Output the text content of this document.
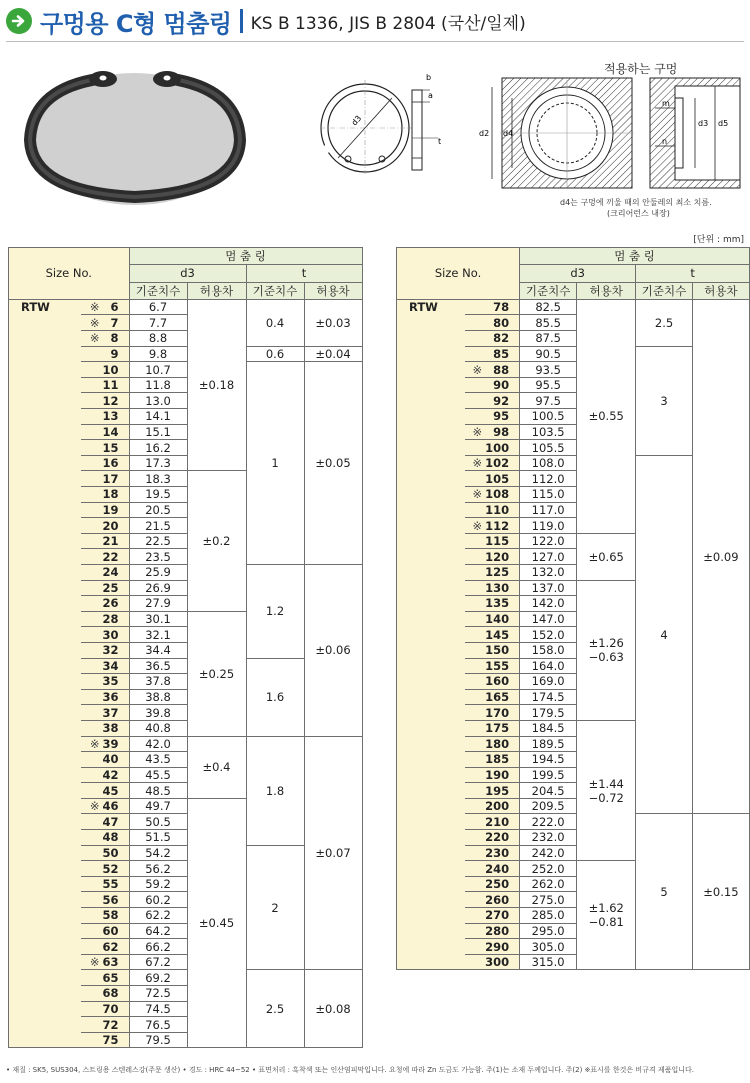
구멍용 C형 멈춤링 KS B 1336, JIS B 2804 (국산/일제)
d3
b
a
t
d2 d4
d3 d5
m
n
적용하는 구멍
d4는 구멍에 끼울 때의 안둘레의 최소 치름.
(크리어런스 내장)
[단위 : mm]
Size No.			멈 춤 링			
			d3		t	
			기준치수	허용차	기준치수	허용차
RTW	※	6	6.7	±0.18	0.4	±0.03

	※	7	7.7			
	※	8	8.8			
		9	9.8		0.6	±0.04

		10	10.7		1	±0.05

		11	11.8			
		12	13.0			
		13	14.1			
		14	15.1			
		15	16.2			
		16	17.3			
		17	18.3	±0.2		

		18	19.5			
		19	20.5			
		20	21.5			
		21	22.5			
		22	23.5			
		24	25.9		1.2	±0.06

		25	26.9			
		26	27.9			
		28	30.1	±0.25		

		30	32.1			
		32	34.4			
		34	36.5		1.6	

		35	37.8			
		36	38.8			
		37	39.8			
		38	40.8			
	※	39	42.0	±0.4	1.8	±0.07

		40	43.5			
		42	45.5			
		45	48.5			
	※	46	49.7	±0.45		

		47	50.5			
		48	51.5			
		50	54.2		2	

		52	56.2			
		55	59.2			
		56	60.2			
		58	62.2			
		60	64.2			
		62	66.2			
	※	63	67.2			
		65	69.2		2.5	±0.08

		68	72.5			
		70	74.5			
		72	76.5			
		75	79.5			
Size No.			멈 춤 링			
			d3		t	
			기준치수	허용차	기준치수	허용차
RTW		78	82.5	±0.55	2.5	±0.09

		80	85.5			
		82	87.5			
		85	90.5		3	

	※	88	93.5			
		90	95.5			
		92	97.5			
		95	100.5			
	※	98	103.5			
		100	105.5			
	※	102	108.0		4	

		105	112.0			
	※	108	115.0			
		110	117.0			
	※	112	119.0			
		115	122.0	±0.65		

		120	127.0			
		125	132.0			
		130	137.0	±1.26
−0.63		

		135	142.0			
		140	147.0			
		145	152.0			
		150	158.0			
		155	164.0			
		160	169.0			
		165	174.5			
		170	179.5			
		175	184.5	±1.44
−0.72		

		180	189.5			
		185	194.5			
		190	199.5			
		195	204.5			
		200	209.5			
		210	222.0		5	±0.15

		220	232.0			
		230	242.0			
		240	252.0	±1.62
−0.81		

		250	262.0			
		260	275.0			
		270	285.0			
		280	295.0			
		290	305.0			
		300	315.0			
• 재질 : SK5, SUS304, 스트링용 스텐레스강(주문 생산) • 경도 : HRC 44~52 • 표면처리 : 흑착색 또는 인산염피막입니다. 요청에 따라 Zn 도금도 가능함. 주(1)는 소재 두께입니다. 주(2) ※표시를 한것은 비규격 제품입니다.
